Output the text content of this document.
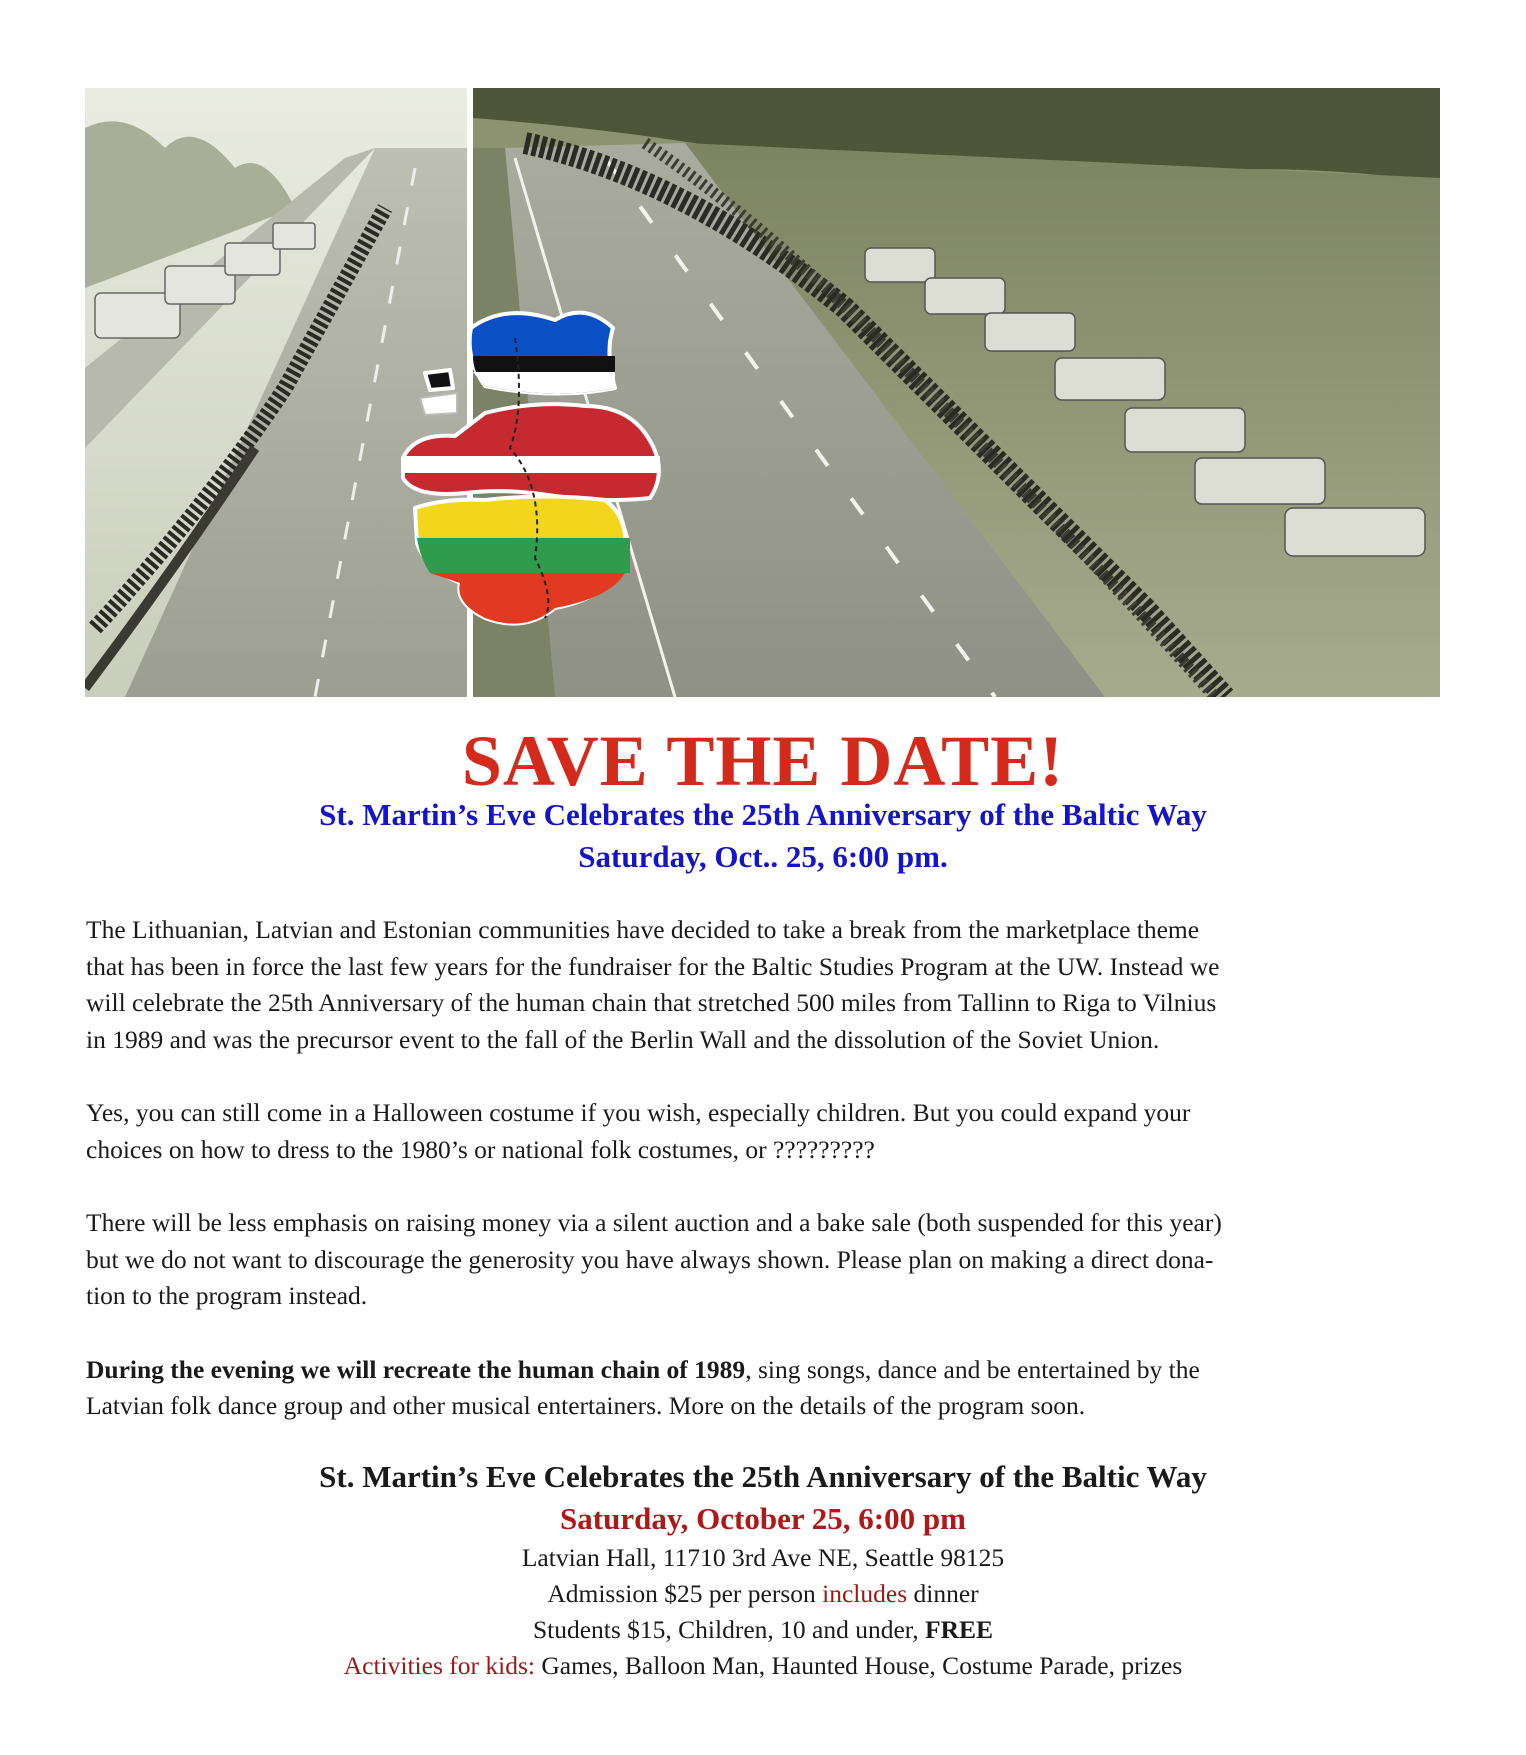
SAVE THE DATE!
St. Martin’s Eve Celebrates the 25th Anniversary of the Baltic Way
Saturday, Oct.. 25, 6:00 pm.

The Lithuanian, Latvian and Estonian communities have decided to take a break from the marketplace theme
that has been in force the last few years for the fundraiser for the Baltic Studies Program at the UW. Instead we
will celebrate the 25th Anniversary of the human chain that stretched 500 miles from Tallinn to Riga to Vilnius
in 1989 and was the precursor event to the fall of the Berlin Wall and the dissolution of the Soviet Union.

Yes, you can still come in a Halloween costume if you wish, especially children. But you could expand your
choices on how to dress to the 1980’s or national folk costumes, or ?????????

There will be less emphasis on raising money via a silent auction and a bake sale (both suspended for this year)
but we do not want to discourage the generosity you have always shown. Please plan on making a direct dona-
tion to the program instead.

During the evening we will recreate the human chain of 1989, sing songs, dance and be entertained by the
Latvian folk dance group and other musical entertainers. More on the details of the program soon.

St. Martin’s Eve Celebrates the 25th Anniversary of the Baltic Way

Saturday, October 25, 6:00 pm

Latvian Hall, 11710 3rd Ave NE, Seattle 98125

Admission $25 per person includes dinner

Students $15, Children, 10 and under, FREE

Activities for kids: Games, Balloon Man, Haunted House, Costume Parade, prizes
